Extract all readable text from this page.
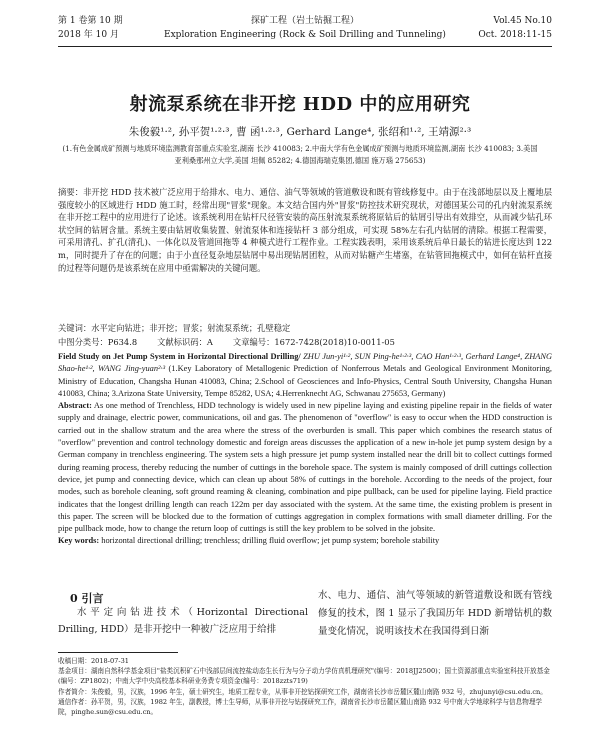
第 1 卷第 10 期
2018 年 10 月
探矿工程（岩土钻掘工程）
Exploration Engineering (Rock & Soil Drilling and Tunneling)
Vol.45 No.10
Oct. 2018:11-15
射流泵系统在非开挖 HDD 中的应用研究
朱俊毅¹·², 孙平贺¹·²·³, 曹 函¹·²·³, Gerhard Lange⁴, 张绍和¹·², 王靖源²·³
(1.有色金属成矿预测与地质环境监测教育部重点实验室,湖南 长沙 410083; 2.中南大学有色金属成矿预测与地质环境监测,湖南 长沙 410083; 3.美国亚利桑那州立大学,美国 坦佩 85282; 4.德国海瑞克集团,德国 施万瑙 275653)
摘要：非开挖 HDD 技术被广泛应用于给排水、电力、通信、油气等领域的管道敷设和既有管线修复中。由于在浅部地层以及上覆地层强度较小的区域进行 HDD 施工时，经常出现"冒浆"现象。本文结合国内外"冒浆"防控技术研究现状，对德国某公司的孔内射流泵系统在非开挖工程中的应用进行了论述。该系统利用在钻杆尺径管安装的高压射流泵系统将原钻后的钻屑引导出有效排空，从而减少钻孔环状空间的钻屑含量。系统主要由钻屑收集装置、射流泵体和连接钻杆 3 部分组成，可实现 58%左右孔内钻屑的清除。根据工程需要，可采用清孔、扩孔(清孔)、一体化以及管道回拖等 4 种模式进行工程作业。工程实践表明，采用该系统后单日最长的钻进长度达到 122 m，同时提升了存在的问题；由于小直径复杂地层钻屑中易出现钻屑团粒，从而对钻糖产生堵塞，在钻管回拖模式中，如何在钻杆直接的过程等问题仍是该系统在应用中亟需解决的关键问题。
关键词：水平定向钻进；非开挖；冒浆；射流泵系统；孔壁稳定
中图分类号：P634.8 文献标识码：A 文章编号：1672-7428(2018)10-0011-05
Field Study on Jet Pump System in Horizontal Directional Drilling/ ZHU Jun-yi¹·², SUN Ping-he¹·²·³, CAO Han¹·²·³, Gerhard Lange⁴, ZHANG Shao-he¹·², WANG Jing-yuan²·³ (1.Key Laboratory of Metallogenic Prediction of Nonferrous Metals and Geological Environment Monitoring, Ministry of Education, Changsha Hunan 410083, China; 2.School of Geosciences and Info-Physics, Central South University, Changsha Hunan 410083, China; 3.Arizona State University, Tempe 85282, USA; 4.Herrenknecht AG, Schwanau 275653, Germany)
Abstract: As one method of Trenchless, HDD technology is widely used in new pipeline laying and existing pipeline repair in the fields of water supply and drainage, electric power, communications, oil and gas. The phenomenon of "overflow" is easy to occur when the HDD construction is carried out in the shallow stratum and the area where the stress of the overburden is small. This paper which combines the research status of "overflow" prevention and control technology domestic and foreign areas discusses the application of a new in-hole jet pump system design by a German company in trenchless engineering. The system sets a high pressure jet pump system installed near the drill bit to collect cuttings formed during reaming process, thereby reducing the number of cuttings in the borehole space. The system is mainly composed of drill cuttings collection device, jet pump and connecting device, which can clean up about 58% of cuttings in the borehole. According to the needs of the project, four modes, such as borehole cleaning, soft ground reaming & cleaning, combination and pipe pullback, can be used for pipeline laying. Field practice indicates that the longest drilling length can reach 122m per day associated with the system. At the same time, the existing problem is present in this paper. The screen will be blocked due to the formation of cuttings aggregation in complex formations with small diameter drilling. For the pipe pullback mode, how to change the return loop of cuttings is still the key problem to be solved in the jobsite.
Key words: horizontal directional drilling; trenchless; drilling fluid overflow; jet pump system; borehole stability
0 引言
水平定向钻进技术（Horizontal Directional Drilling, HDD）是非开挖中一种被广泛应用于给排
水、电力、通信、油气等领域的新管道敷设和既有管线修复的技术，图 1 显示了我国历年 HDD 新增钻机的数量变化情况，说明该技术在我国得到日渐

收稿日期：2018-07-31

基金项目：湖南自然科学基金项目"盐类沉积矿石中浅部层间流控盐动态生长行为与分子动力学仿真机理研究"(编号：2018JJ2500)；国土资源部重点实验室科技开放基金(编号：ZP1802)；中南大学中央高校基本科研业务费专项资金(编号：2018zzts719)

作者简介：朱俊毅，男，汉族，1996 年生，硕士研究生，地质工程专业，从事非开挖钻探研究工作，湖南省长沙市岳麓区麓山南路 932 号，zhujunyi@csu.edu.cn。

通信作者：孙平贺，男，汉族，1982 年生，副教授，博士生导师，从事非开挖与钻探研究工作，湖南省长沙市岳麓区麓山南路 932 号中南大学地球科学与信息物理学院，pinghe.sun@csu.edu.cn。
